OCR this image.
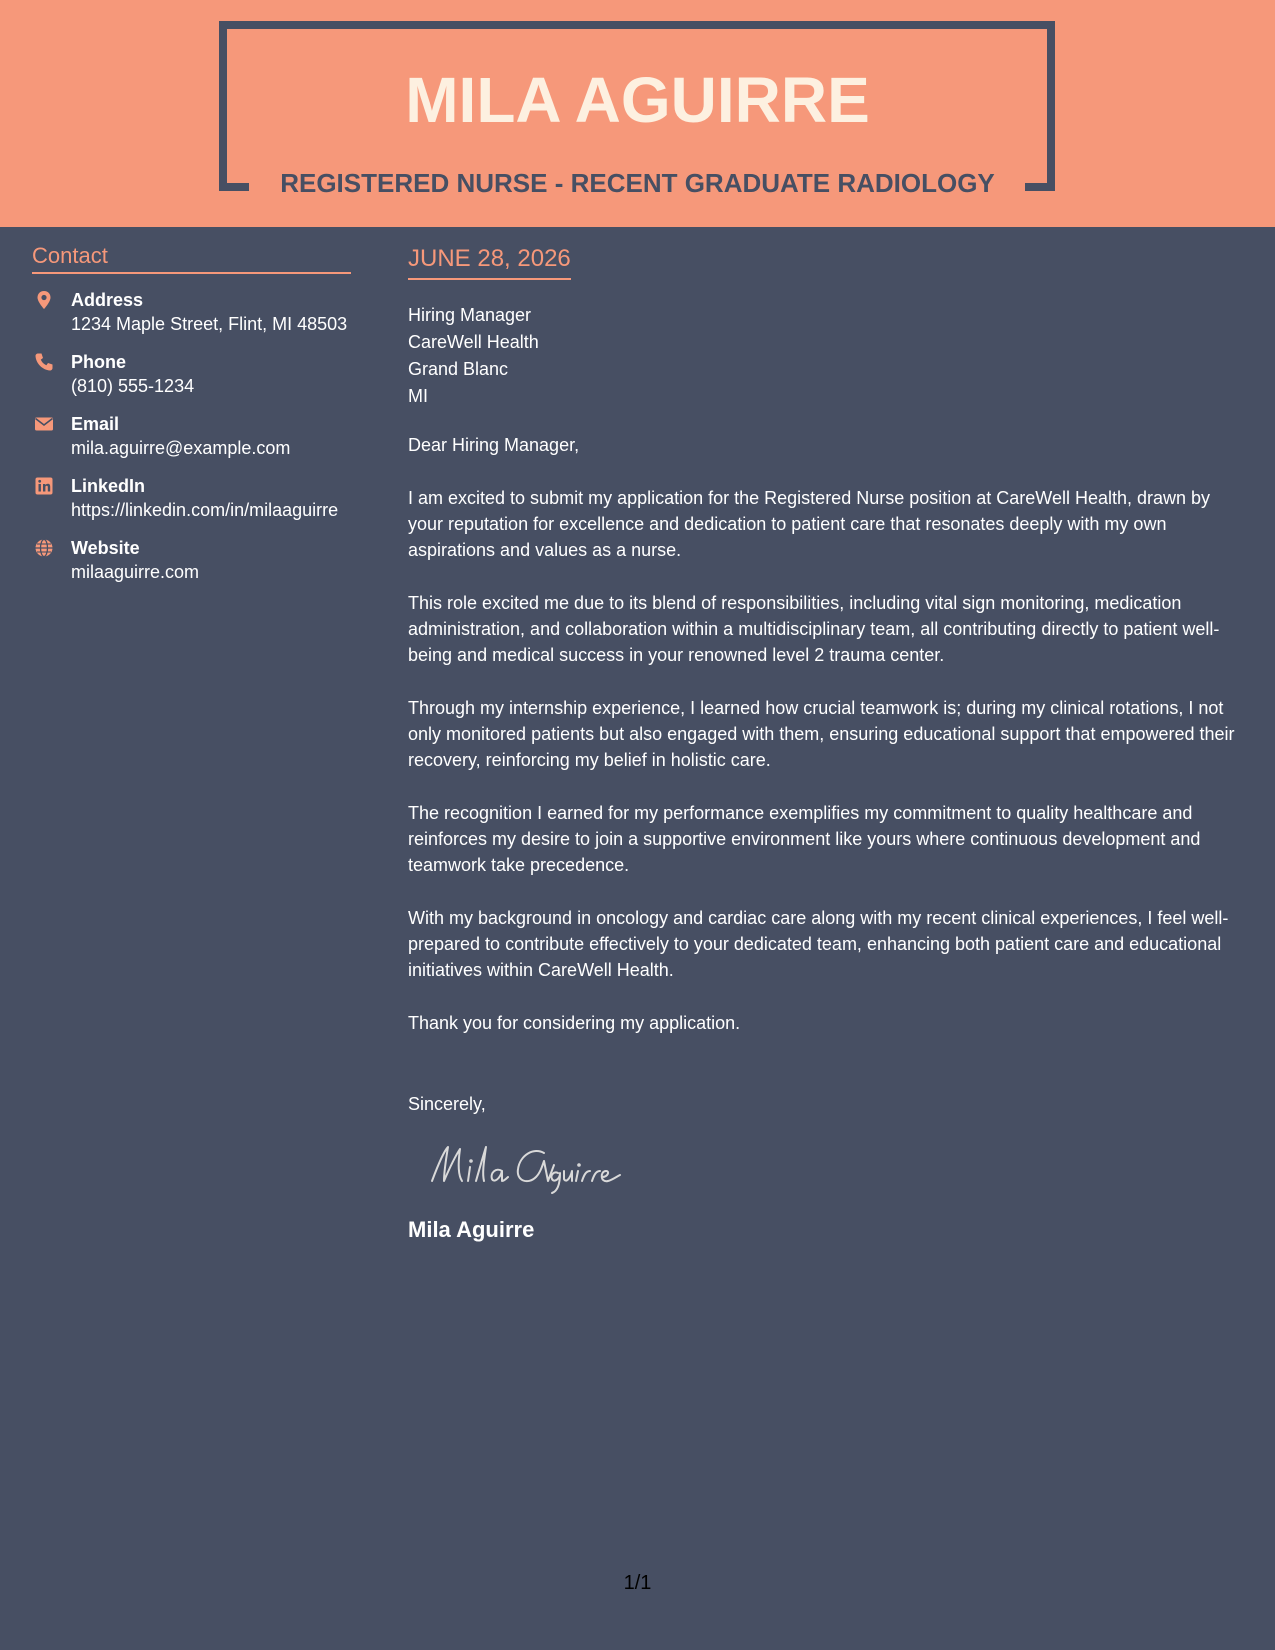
MILA AGUIRRE
REGISTERED NURSE - RECENT GRADUATE RADIOLOGY
Contact
Address
1234 Maple Street, Flint, MI 48503
Phone
(810) 555-1234
Email
mila.aguirre@example.com
LinkedIn
https://linkedin.com/in/milaaguirre
Website
milaaguirre.com
JUNE 28, 2026
Hiring Manager
CareWell Health
Grand Blanc
MI
Dear Hiring Manager,
I am excited to submit my application for the Registered Nurse position at CareWell Health, drawn by your reputation for excellence and dedication to patient care that resonates deeply with my own aspirations and values as a nurse.
This role excited me due to its blend of responsibilities, including vital sign monitoring, medication administration, and collaboration within a multidisciplinary team, all contributing directly to patient well-being and medical success in your renowned level 2 trauma center.
Through my internship experience, I learned how crucial teamwork is; during my clinical rotations, I not only monitored patients but also engaged with them, ensuring educational support that empowered their recovery, reinforcing my belief in holistic care.
The recognition I earned for my performance exemplifies my commitment to quality healthcare and reinforces my desire to join a supportive environment like yours where continuous development and teamwork take precedence.
With my background in oncology and cardiac care along with my recent clinical experiences, I feel well-prepared to contribute effectively to your dedicated team, enhancing both patient care and educational initiatives within CareWell Health.
Thank you for considering my application.
Sincerely,
Mila Aguirre
1/1
